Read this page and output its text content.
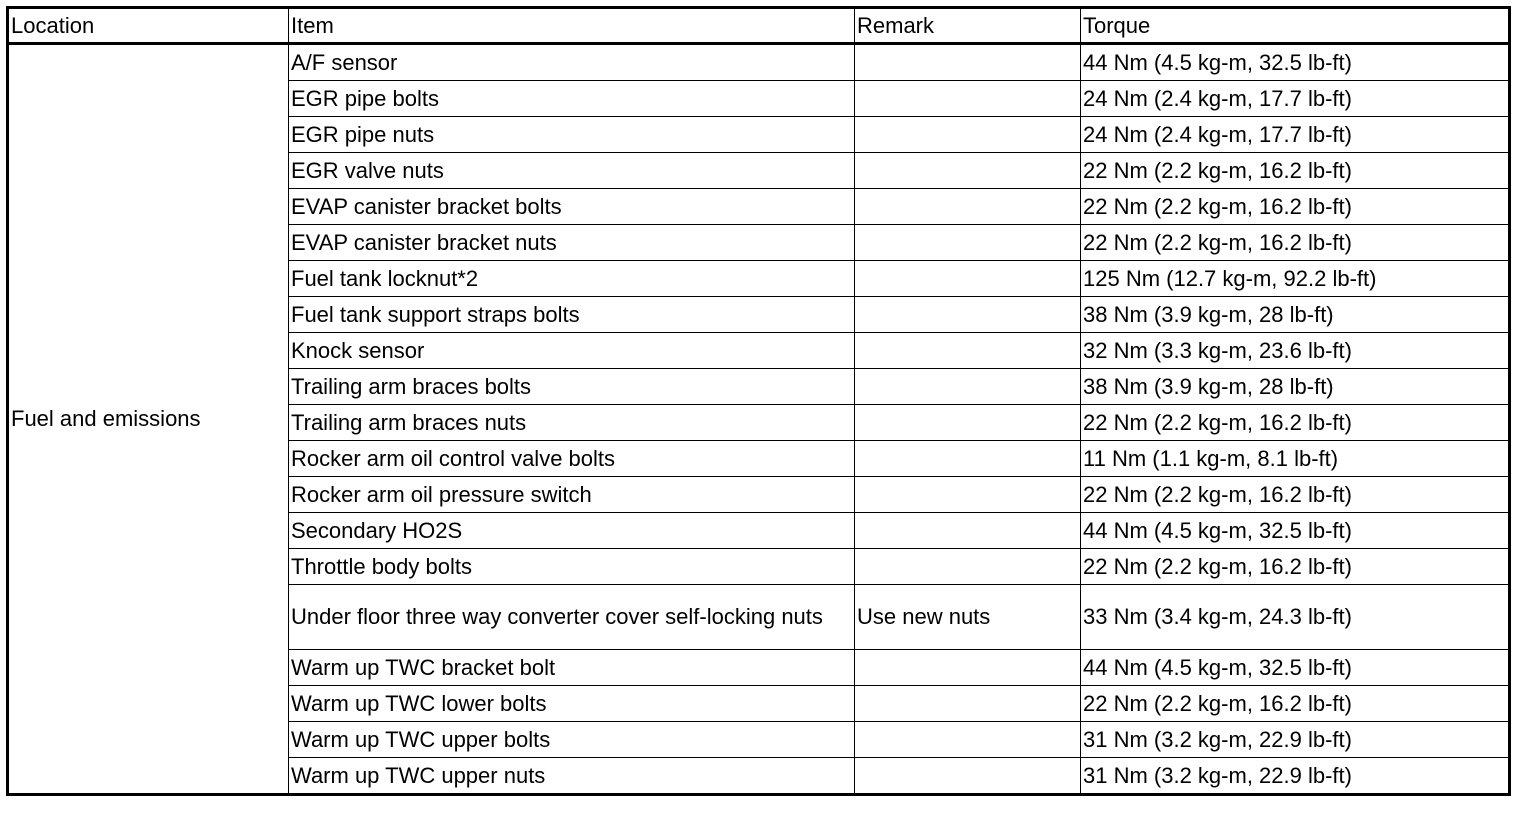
Location	Item	Remark	Torque
Fuel and emissions	A/F sensor		44 Nm (4.5 kg-m, 32.5 lb-ft)
	EGR pipe bolts		24 Nm (2.4 kg-m, 17.7 lb-ft)
	EGR pipe nuts		24 Nm (2.4 kg-m, 17.7 lb-ft)
	EGR valve nuts		22 Nm (2.2 kg-m, 16.2 lb-ft)
	EVAP canister bracket bolts		22 Nm (2.2 kg-m, 16.2 lb-ft)
	EVAP canister bracket nuts		22 Nm (2.2 kg-m, 16.2 lb-ft)
	Fuel tank locknut*2		125 Nm (12.7 kg-m, 92.2 lb-ft)
	Fuel tank support straps bolts		38 Nm (3.9 kg-m, 28 lb-ft)
	Knock sensor		32 Nm (3.3 kg-m, 23.6 lb-ft)
	Trailing arm braces bolts		38 Nm (3.9 kg-m, 28 lb-ft)
	Trailing arm braces nuts		22 Nm (2.2 kg-m, 16.2 lb-ft)
	Rocker arm oil control valve bolts		11 Nm (1.1 kg-m, 8.1 lb-ft)
	Rocker arm oil pressure switch		22 Nm (2.2 kg-m, 16.2 lb-ft)
	Secondary HO2S		44 Nm (4.5 kg-m, 32.5 lb-ft)
	Throttle body bolts		22 Nm (2.2 kg-m, 16.2 lb-ft)
	Under floor three way converter cover self-locking nuts	Use new nuts	33 Nm (3.4 kg-m, 24.3 lb-ft)
	Warm up TWC bracket bolt		44 Nm (4.5 kg-m, 32.5 lb-ft)
	Warm up TWC lower bolts		22 Nm (2.2 kg-m, 16.2 lb-ft)
	Warm up TWC upper bolts		31 Nm (3.2 kg-m, 22.9 lb-ft)
	Warm up TWC upper nuts		31 Nm (3.2 kg-m, 22.9 lb-ft)
